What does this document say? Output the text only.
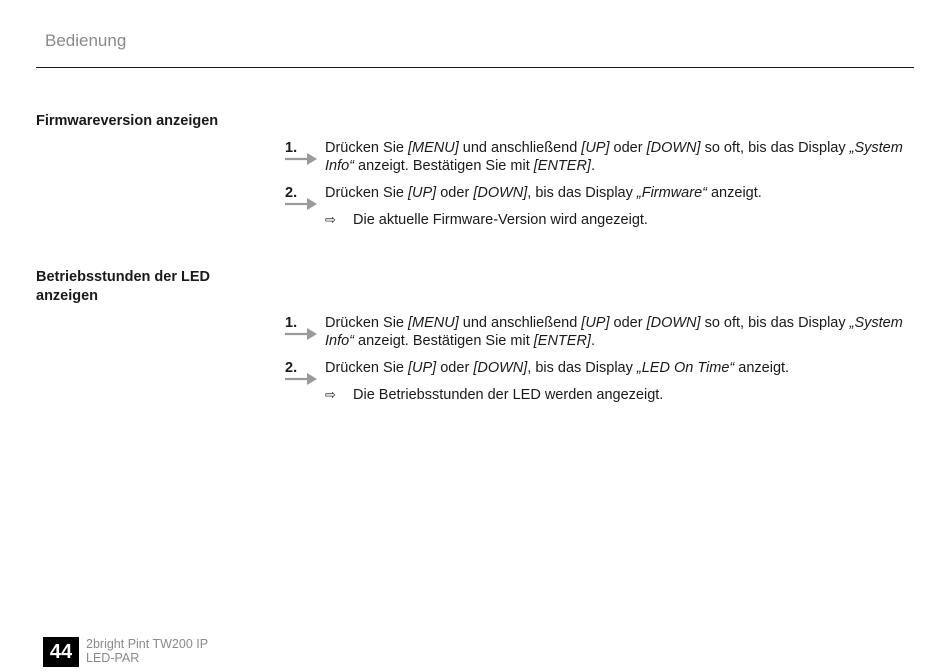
Bedienung
Firmwareversion anzeigen
1. Drücken Sie [MENU] und anschließend [UP] oder [DOWN] so oft, bis das Display „System Info“ anzeigt. Bestätigen Sie mit [ENTER].
2. Drücken Sie [UP] oder [DOWN], bis das Display „Firmware“ anzeigt.
⇨ Die aktuelle Firmware-Version wird angezeigt.
Betriebsstunden der LED anzeigen
1. Drücken Sie [MENU] und anschließend [UP] oder [DOWN] so oft, bis das Display „System Info“ anzeigt. Bestätigen Sie mit [ENTER].
2. Drücken Sie [UP] oder [DOWN], bis das Display „LED On Time“ anzeigt.
⇨ Die Betriebsstunden der LED werden angezeigt.
44	2bright Pint TW200 IP
LED-PAR
